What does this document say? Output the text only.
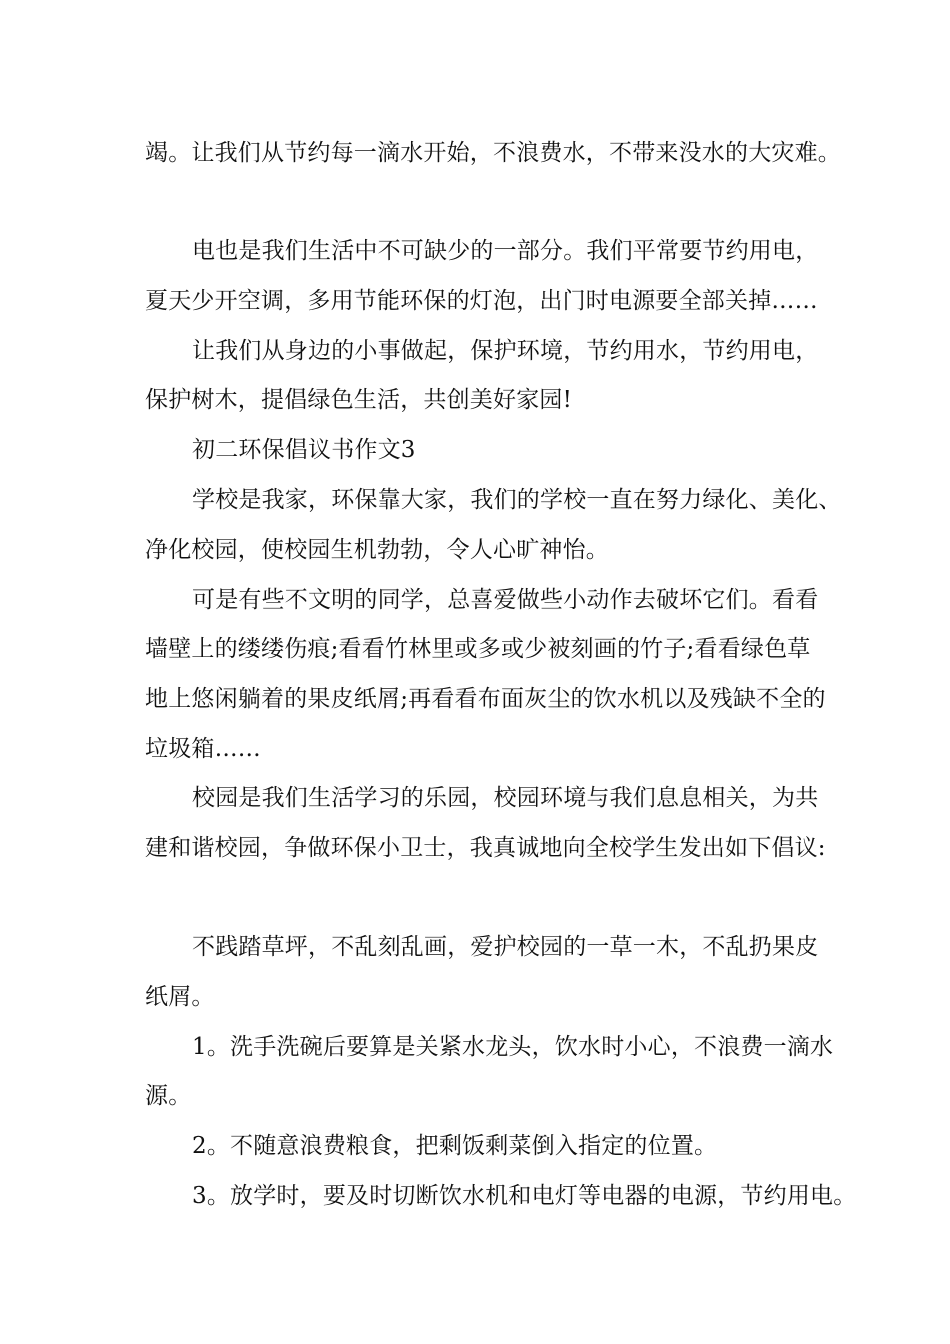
竭。让我们从节约每一滴水开始，不浪费水，不带来没水的大灾难。
电也是我们生活中不可缺少的一部分。我们平常要节约用电，
夏天少开空调，多用节能环保的灯泡，出门时电源要全部关掉……
让我们从身边的小事做起，保护环境，节约用水，节约用电，
保护树木，提倡绿色生活，共创美好家园!
初二环保倡议书作文3
学校是我家，环保靠大家，我们的学校一直在努力绿化、美化、
净化校园，使校园生机勃勃，令人心旷神怡。
可是有些不文明的同学，总喜爱做些小动作去破坏它们。看看
墙壁上的缕缕伤痕;看看竹林里或多或少被刻画的竹子;看看绿色草
地上悠闲躺着的果皮纸屑;再看看布面灰尘的饮水机以及残缺不全的
垃圾箱……
校园是我们生活学习的乐园，校园环境与我们息息相关，为共
建和谐校园，争做环保小卫士，我真诚地向全校学生发出如下倡议:
不践踏草坪，不乱刻乱画，爱护校园的一草一木，不乱扔果皮
纸屑。
1。洗手洗碗后要算是关紧水龙头，饮水时小心，不浪费一滴水
源。
2。不随意浪费粮食，把剩饭剩菜倒入指定的位置。
3。放学时，要及时切断饮水机和电灯等电器的电源，节约用电。
